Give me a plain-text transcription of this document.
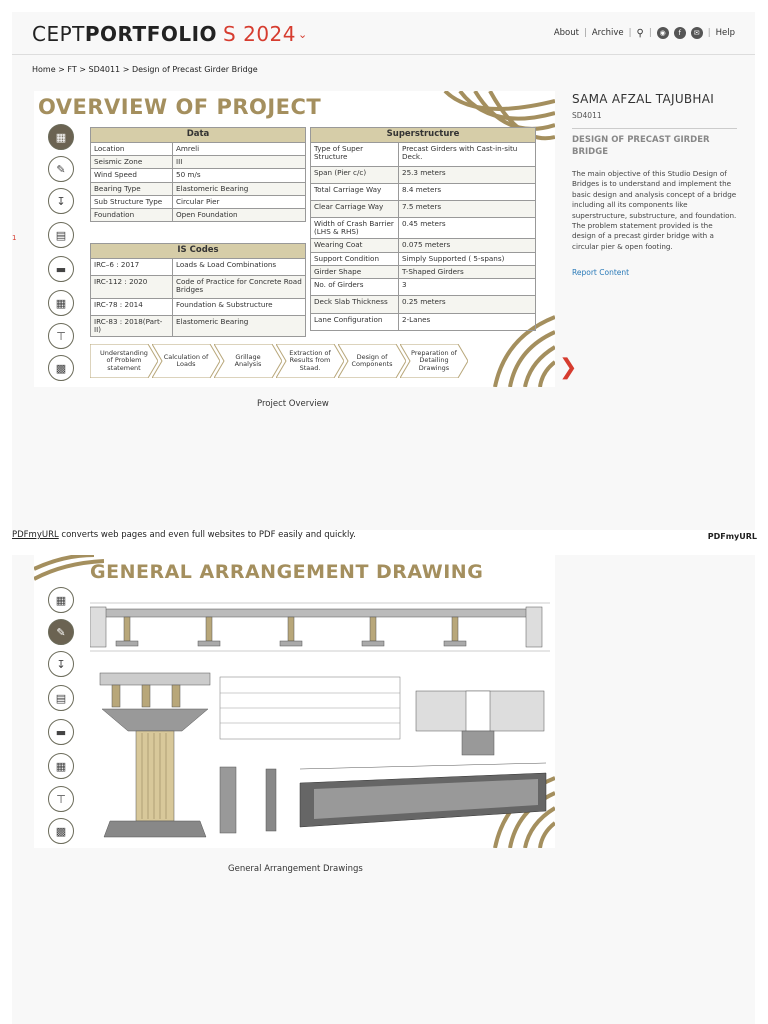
CEPTPORTFOLIO S 2024 ⌄	About | Archive | ⚲ |	◉	f	✉ | Help
Home > FT > SD4011 > Design of Precast Girder Bridge
1
OVERVIEW OF PROJECT
▦
✎
↧
▤
▬
▦
⊤
▩
Data	
Location	Amreli
Seismic Zone	III
Wind Speed	50 m/s
Bearing Type	Elastomeric Bearing
Sub Structure Type	Circular Pier
Foundation	Open Foundation
IS Codes	
IRC–6 : 2017	Loads & Load Combinations
IRC-112 : 2020	Code of Practice for Concrete Road Bridges
IRC-78 : 2014	Foundation & Substructure
IRC-83 : 2018(Part-II)	Elastomeric Bearing
Superstructure	
Type of Super Structure	Precast Girders with Cast-in-situ Deck.
Span (Pier c/c)	25.3 meters
Total Carriage Way	8.4 meters
Clear Carriage Way	7.5 meters
Width of Crash Barrier (LHS & RHS)	0.45 meters
Wearing Coat	0.075 meters
Support Condition	Simply Supported ( 5-spans)
Girder Shape	T-Shaped Girders
No. of Girders	3
Deck Slab Thickness	0.25 meters
Lane Configuration	2-Lanes
Understanding of Problem statement
Calculation of Loads
Grillage Analysis
Extraction of Results from Staad.
Design of Components
Preparation of Detailing Drawings	❯
Project Overview
SAMA AFZAL TAJUBHAI
SD4011
DESIGN OF PRECAST GIRDER BRIDGE
The main objective of this Studio Design of Bridges is to understand and implement the basic design and analysis concept of a bridge including all its components like superstructure, substructure, and foundation. The problem statement provided is the design of a precast girder bridge with a circular pier & open footing.
Report Content
PDFmyURL converts web pages and even full websites to PDF easily and quickly.	PDFmyURL
GENERAL ARRANGEMENT DRAWING
▦
✎
↧
▤
▬
▦
⊤
▩
General Arrangement Drawings
